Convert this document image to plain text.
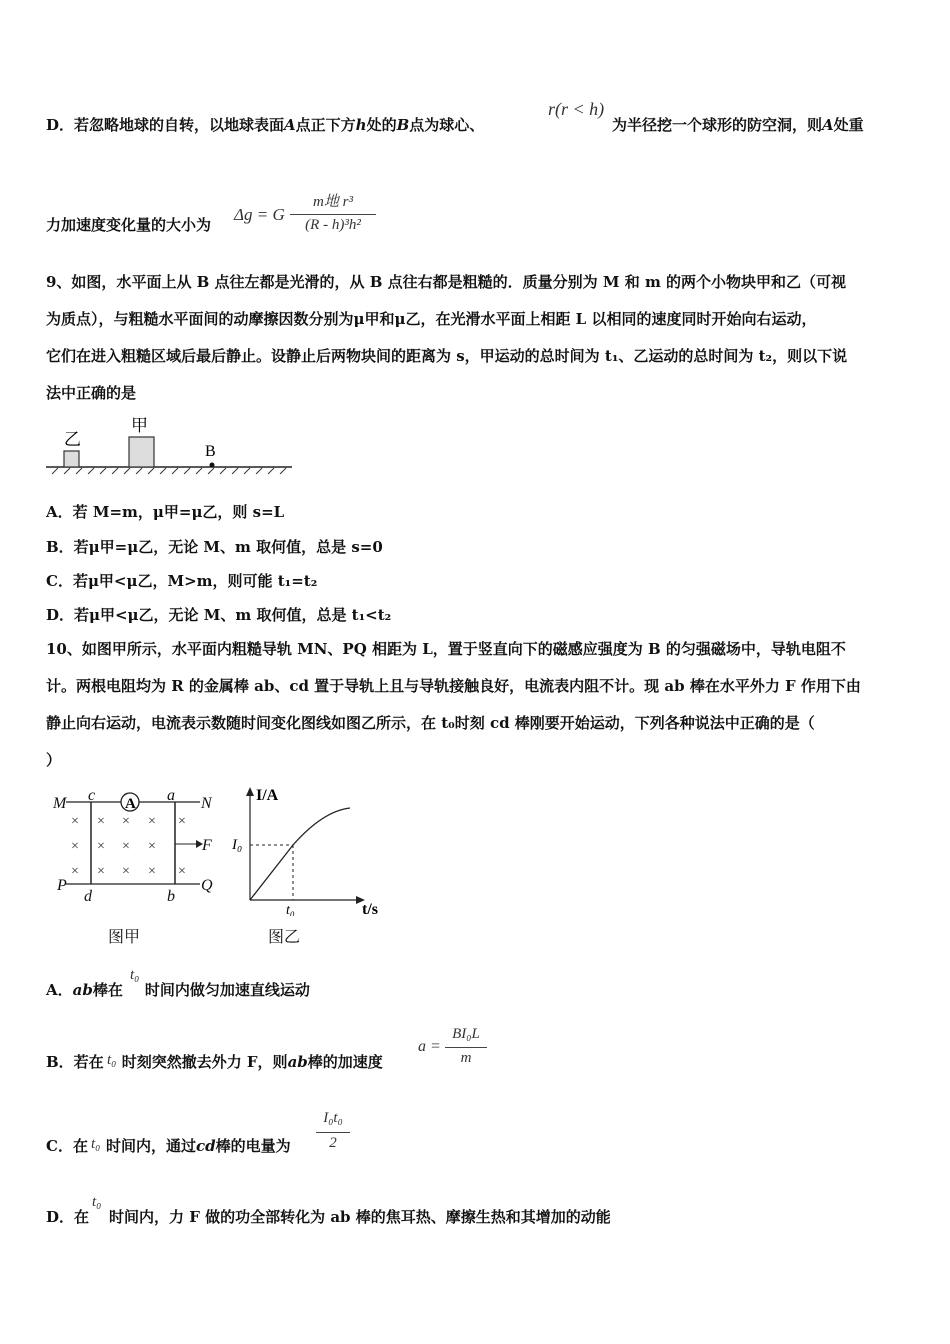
D．若忽略地球的自转，以地球表面A点正下方h处的B点为球心、
r(r < h)
为半径挖一个球形的防空洞，则A处重
力加速度变化量的大小为
Δg = G
m地 r³
(R - h)³h²
9、如图，水平面上从 B 点往左都是光滑的，从 B 点往右都是粗糙的．质量分别为 M 和 m 的两个小物块甲和乙（可视
为质点），与粗糙水平面间的动摩擦因数分别为μ甲和μ乙，在光滑水平面上相距 L 以相同的速度同时开始向右运动，
它们在进入粗糙区域后最后静止。设静止后两物块间的距离为 s，甲运动的总时间为 t₁、乙运动的总时间为 t₂，则以下说
法中正确的是
乙
甲
B
A．若 M=m，μ甲=μ乙，则 s=L
B．若μ甲=μ乙，无论 M、m 取何值，总是 s=0
C．若μ甲<μ乙，M>m，则可能 t₁=t₂
D．若μ甲<μ乙，无论 M、m 取何值，总是 t₁<t₂
10、如图甲所示，水平面内粗糙导轨 MN、PQ 相距为 L，置于竖直向下的磁感应强度为 B 的匀强磁场中，导轨电阻不
计。两根电阻均为 R 的金属棒 ab、cd 置于导轨上且与导轨接触良好，电流表内阻不计。现 ab 棒在水平外力 F 作用下由
静止向右运动，电流表示数随时间变化图线如图乙所示，在 t₀时刻 cd 棒刚要开始运动，下列各种说法中正确的是（
）
A
× × × × ×
× × × ×
× × × × ×
M c	a N
F
P	Q
d	b
图甲
I/A
t/s
I₀
t₀
图乙
A．ab棒在 时间内做匀加速直线运动
t₀
B．若在 时刻突然撤去外力 F，则ab棒的加速度
t₀
a =
BI₀L
m
C．在 时间内，通过cd棒的电量为
t₀
I₀t₀
2
D．在 时间内，力 F 做的功全部转化为 ab 棒的焦耳热、摩擦生热和其增加的动能
t₀
